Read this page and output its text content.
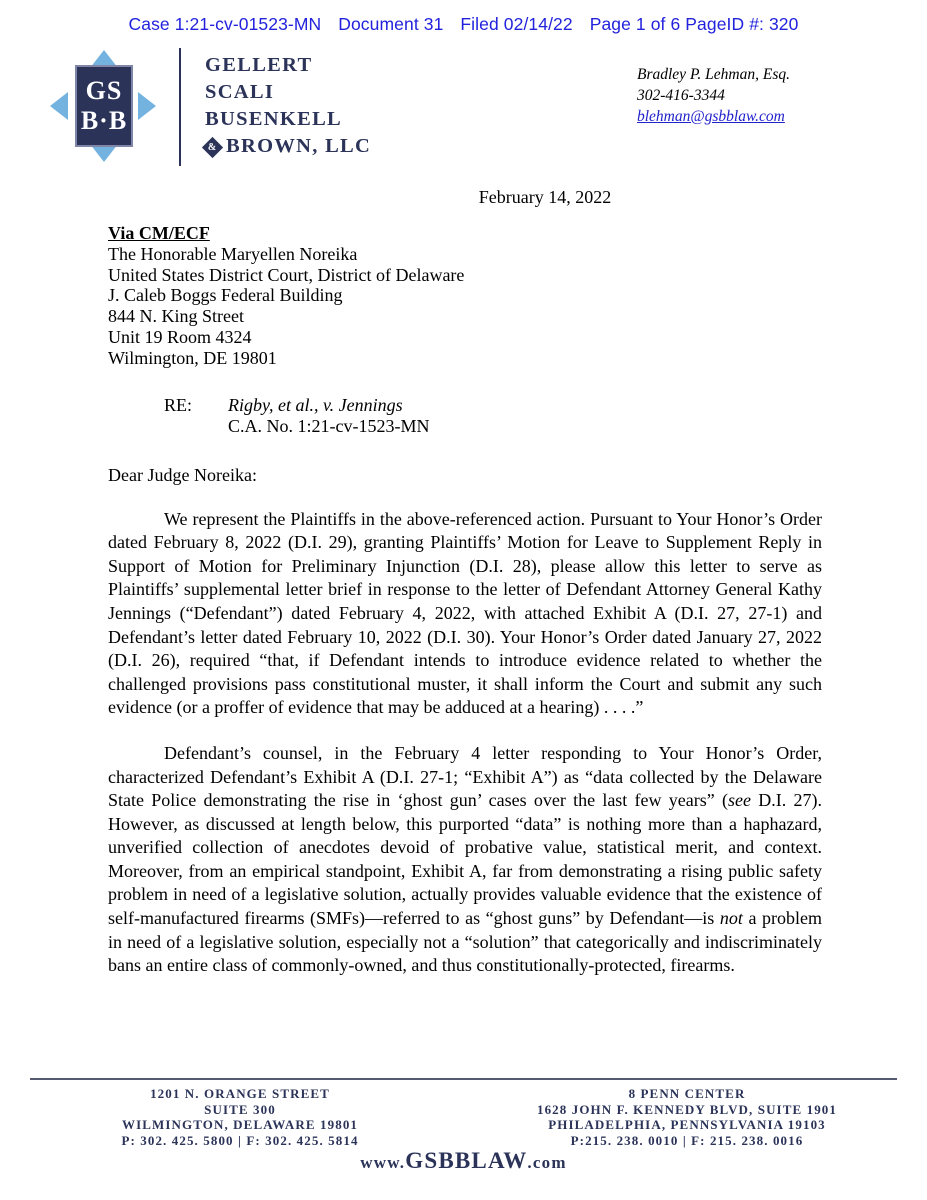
Case 1:21-cv-01523-MN Document 31 Filed 02/14/22 Page 1 of 6 PageID #: 320
GS
B·B
GELLERT
SCALI
BUSENKELL
& BROWN, LLC
Bradley P. Lehman, Esq.
302-416-3344
blehman@gsbblaw.com
February 14, 2022
Via CM/ECF
The Honorable Maryellen Noreika
United States District Court, District of Delaware
J. Caleb Boggs Federal Building
844 N. King Street
Unit 19 Room 4324
Wilmington, DE 19801
RE:	Rigby, et al., v. Jennings
C.A. No. 1:21-cv-1523-MN
Dear Judge Noreika:

We represent the Plaintiffs in the above-referenced action. Pursuant to Your Honor’s Order dated February 8, 2022 (D.I. 29), granting Plaintiffs’ Motion for Leave to Supplement Reply in Support of Motion for Preliminary Injunction (D.I. 28), please allow this letter to serve as Plaintiffs’ supplemental letter brief in response to the letter of Defendant Attorney General Kathy Jennings (“Defendant”) dated February 4, 2022, with attached Exhibit A (D.I. 27, 27-1) and Defendant’s letter dated February 10, 2022 (D.I. 30). Your Honor’s Order dated January 27, 2022 (D.I. 26), required “that, if Defendant intends to introduce evidence related to whether the challenged provisions pass constitutional muster, it shall inform the Court and submit any such evidence (or a proffer of evidence that may be adduced at a hearing) . . . .”

Defendant’s counsel, in the February 4 letter responding to Your Honor’s Order, characterized Defendant’s Exhibit A (D.I. 27-1; “Exhibit A”) as “data collected by the Delaware State Police demonstrating the rise in ‘ghost gun’ cases over the last few years” (see D.I. 27). However, as discussed at length below, this purported “data” is nothing more than a haphazard, unverified collection of anecdotes devoid of probative value, statistical merit, and context. Moreover, from an empirical standpoint, Exhibit A, far from demonstrating a rising public safety problem in need of a legislative solution, actually provides valuable evidence that the existence of self-manufactured firearms (SMFs)—referred to as “ghost guns” by Defendant—is not a problem in need of a legislative solution, especially not a “solution” that categorically and indiscriminately bans an entire class of commonly-owned, and thus constitutionally-protected, firearms.

1201 N. ORANGE STREET
SUITE 300
WILMINGTON, DELAWARE 19801
P: 302. 425. 5800 | F: 302. 425. 5814
8 PENN CENTER
1628 JOHN F. KENNEDY BLVD, SUITE 1901
PHILADELPHIA, PENNSYLVANIA 19103
P:215. 238. 0010 | F: 215. 238. 0016
www.GSBBLAW.com
